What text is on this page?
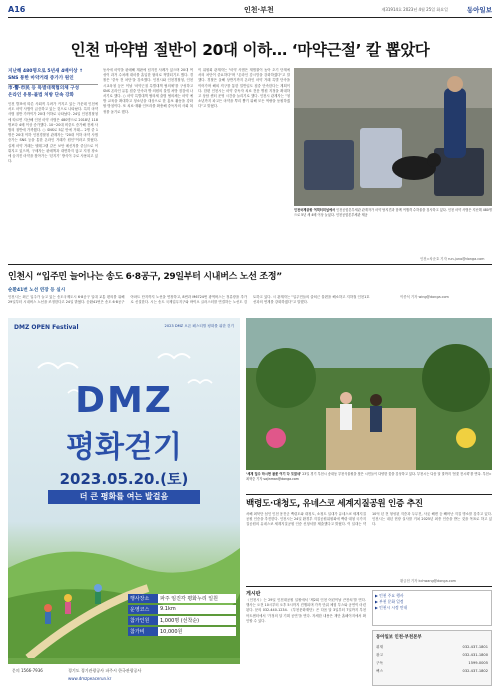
A16	인천·부천	제31914호 2023년 4월 25일 화요일	동아일보
인천 마약범 절반이 20대 이하… ‘마약근절’ 칼 뽑았다
지난해 480명으로 5년새 4배이상 ↑
SNS 통한 마약거래 증가가 원인
市·警·市民 등 특별대책협의체 구성
온라인 유통-불법 처방 단속 강화
인천 발표에 따른 사회적 우려가 커지고 있는 가운데 인천에서도 마약 사범이 급증하고 있는 것으로 나타났다. 특히 마약 사범 절반 가까이가 20대 이하로 나타났다. 24일 인천경찰청에 따르면 지난해 인천 마약 사범은 480명으로 2018년 118명보다 4배 이상 증가했다. 10~20대 비중도 증가해 전체 사범의 절반에 가까웠다. ○ SNS로 5분 만에 거래… 2명 중 1명은 20대 이하 인천경찰청 관계자는 "20대 이하 마약 사범 증가는 SNS 등을 통한 온라인 거래가 원인"이라고 밝혔다. 실제 마약 거래는 텔레그램 같은 보안 메신저를 중심으로 이뤄지고 있으며, 구매자는 판매책과 대면하지 않고 지정 장소에 숨겨진 마약을 찾아가는 ‘던지기’ 방식이 주로 사용되고 있다.
동사에 마약을 판매해 재판에 넘겨진 사례가 있으며 20대 여성이 과거 수차례 대마를 흡입한 혐의로 적발되기도 했다. 경찰은 ‘중독 전 차단’을 강조했다. 인천시와 인천경찰청, 인천시교육청 등은 이날 ‘마약근절 특별대책 협의체’를 구성하고 SNS 온라인 유통 집중 단속과 병·의원의 불법 처방 점검에 나서기로 했다. ○ 마약 특별대책 협의체 출범 협의체는 마약 예방 교육을 확대하고 청소년을 대상으로 한 홍보 활동을 강화할 방침이다. 또 치료·재활 인프라를 확충해 중독자의 사회 복귀를 돕기로 했다.
이 위원회 관계자는 "마약 사범은 재범률이 높아 초기 단계에서의 차단이 중요하다"며 "온라인 감시망을 강화하겠다"고 말했다. 경찰은 올해 상반기까지 온라인 마약 거래 특별 단속을 이어가며 해외 직구를 통한 밀반입도 집중 단속한다는 계획이다. 한편 인천시는 마약 중독자 치료 전문 병원 지정을 확대하고 상담 센터 운영 시간을 늘리기로 했다. 인천시 관계자는 "청소년까지 파고든 마약을 뿌리 뽑기 위해 모든 역량을 동원하겠다"고 밝혔다.
인천국제공항 여객터미널에서 인천공항본부세관 관계자가 마약 탐지견과 함께 여행객 수하물을 검사하고 있다. 인천 마약 사범은 지난해 480명으로 5년 새 4배 이상 늘었다. 인천공항본부세관 제공
인천=차준호 기자 run-juno@donga.com
인천시 “입주민 늘어나는 송도 6·8공구, 29일부터 시내버스 노선 조정”
순환41번 노선 연장 등 실시
인천시는 최근 입주가 늘고 있는 송도국제도시 6·8공구 일대 교통 편의를 위해 29일부터 시내버스 노선을 조정한다고 24일 밝혔다. 순환41번은 송도 6·8공구 아파트 단지까지 노선을 연장하고, 8번과 M6724번 광역버스는 정류장을 추가로 신설한다. 시는 송도 국제업무지구와 바이오 클러스터를 연결하는 노선도 검토하고 있다. 시 관계자는 "입주민들의 출퇴근 불편을 해소하고 지하철 인천1호선과의 연계를 강화하겠다"고 말했다.
이종석 기자 wing@donga.com
DMZ OPEN Festival	2023 DMZ 오픈 페스티벌 평화를 위한 걷기
DMZ
평화걷기
2023.05.20.(토)
더 큰 평화를 여는 발걸음
행사장소	파주 임진각 평화누리 일원
운영코스	9.1km
참가인원	1,000명 (선착순)
참가비	10,000원
문의 1566-7936	경기도 경기관광공사 파주시 한국관광공사
www.dmzpeacerun.kr
‘세계 일주 하시면 봄꽃 여기 다 모였네’ 23일 경기 부천시 송내동 부천식물원을 찾은 시민들이 다양한 꽃을 감상하고 있다. 부천시는 다음 달 말까지 ‘봄꽃 전시회’를 연다. 부천=최혁중 기자 sajinman@donga.com
백령도·대청도, 유네스코 세계지질공원 인증 추진
서해 최북단 섬인 인천 옹진군 백령도와 대청도, 소청도 일대가 유네스코 세계지질공원 인증을 추진한다. 인천시는 24일 환경부 지질공원위원회에 백령·대청 국가지질공원의 유네스코 세계지질공원 인증 신청서를 제출했다고 밝혔다. 이 일대는 약 10억 년 전 형성된 지층과 두무진, 사곶 해변 등 빼어난 지질 명소를 갖추고 있다. 인천시는 내년 현장 실사를 거쳐 2025년 최종 인증을 받는 것을 목표로 하고 있다.
황금천 기자 kchwang@donga.com
게시판
《인천시》는 29일 인천대공원 일원에서 ‘제2회 인천 어린이날 큰잔치’를 연다. 행사는 오전 10시부터 오후 5시까지 진행되며 가족 단위 체험 부스와 공연이 마련된다. 문의 032-440-1234. 《부천문화재단》은 다음 달 3일부터 7일까지 부천아트센터에서 ‘가정의 달 기획 공연’을 연다. 자세한 내용은 재단 홈페이지에서 확인할 수 있다.
▶ 인천 주요 행사
▶ 부천 문화 일정
▶ 인천시 시정 안내
동아일보 인천·부천본부
취재	032-437-1801
광고	032-431-1800
구독	1599-0005
팩스	032-437-1802
